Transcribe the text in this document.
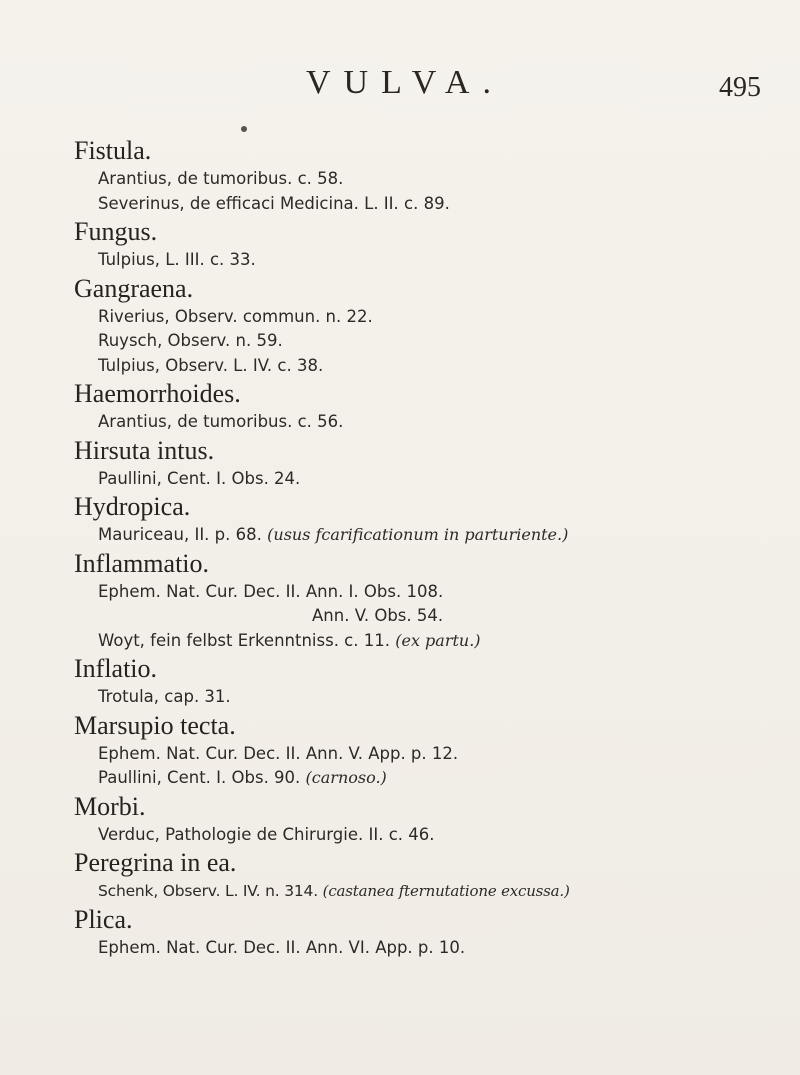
VULVA.	495
Fistula.
Arantius, de tumoribus. c. 58.
Severinus, de efficaci Medicina. L. II. c. 89.
Fungus.
Tulpius, L. III. c. 33.
Gangraena.
Riverius, Observ. commun. n. 22.
Ruysch, Observ. n. 59.
Tulpius, Observ. L. IV. c. 38.
Haemorrhoides.
Arantius, de tumoribus. c. 56.
Hirsuta intus.
Paullini, Cent. I. Obs. 24.
Hydropica.
Mauriceau, II. p. 68. (usus fcarificationum in parturiente.)
Inflammatio.
Ephem. Nat. Cur. Dec. II. Ann. I. Obs. 108.
Ann. V. Obs. 54.
Woyt, fein felbst Erkenntniss. c. 11. (ex partu.)
Inflatio.
Trotula, cap. 31.
Marsupio tecta.
Ephem. Nat. Cur. Dec. II. Ann. V. App. p. 12.
Paullini, Cent. I. Obs. 90. (carnoso.)
Morbi.
Verduc, Pathologie de Chirurgie. II. c. 46.
Peregrina in ea.
Schenk, Observ. L. IV. n. 314. (castanea fternutatione excussa.)
Plica.
Ephem. Nat. Cur. Dec. II. Ann. VI. App. p. 10.
